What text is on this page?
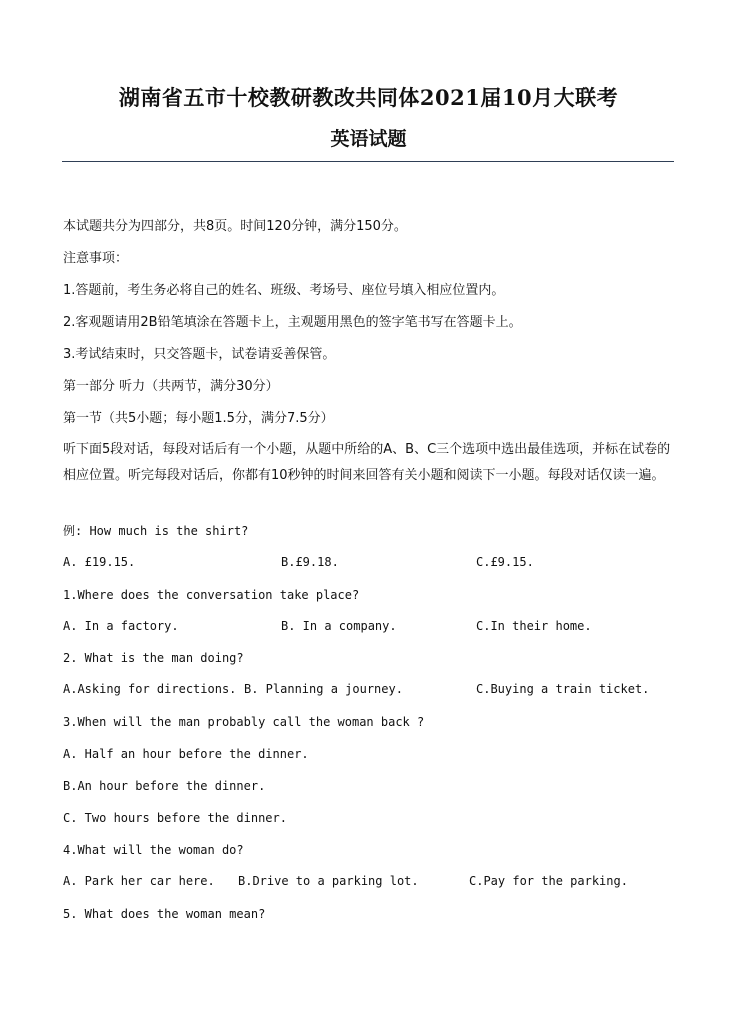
湖南省五市十校教研教改共同体2021届10月大联考
英语试题
本试题共分为四部分，共8页。时间120分钟，满分150分。
注意事项：
1.答题前，考生务必将自己的姓名、班级、考场号、座位号填入相应位置内。
2.客观题请用2B铅笔填涂在答题卡上，主观题用黑色的签字笔书写在答题卡上。
3.考试结束时，只交答题卡，试卷请妥善保管。
第一部分 听力（共两节，满分30分）
第一节（共5小题；每小题1.5分，满分7.5分）
听下面5段对话，每段对话后有一个小题，从题中所给的A、B、C三个选项中选出最佳选项，并标在试卷的相应位置。听完每段对话后，你都有10秒钟的时间来回答有关小题和阅读下一小题。每段对话仅读一遍。
例: How much is the shirt?
A. £19.15.	B.£9.18.	C.£9.15.
1.Where does the conversation take place?
A. In a factory.	B. In a company.	C.In their home.
2. What is the man doing?
A.Asking for directions. B. Planning a journey.	C.Buying a train ticket.
3.When will the man probably call the woman back ?
A. Half an hour before the dinner.
B.An hour before the dinner.
C. Two hours before the dinner.
4.What will the woman do?
A. Park her car here. B.Drive to a parking lot.	C.Pay for the parking.
5. What does the woman mean?
